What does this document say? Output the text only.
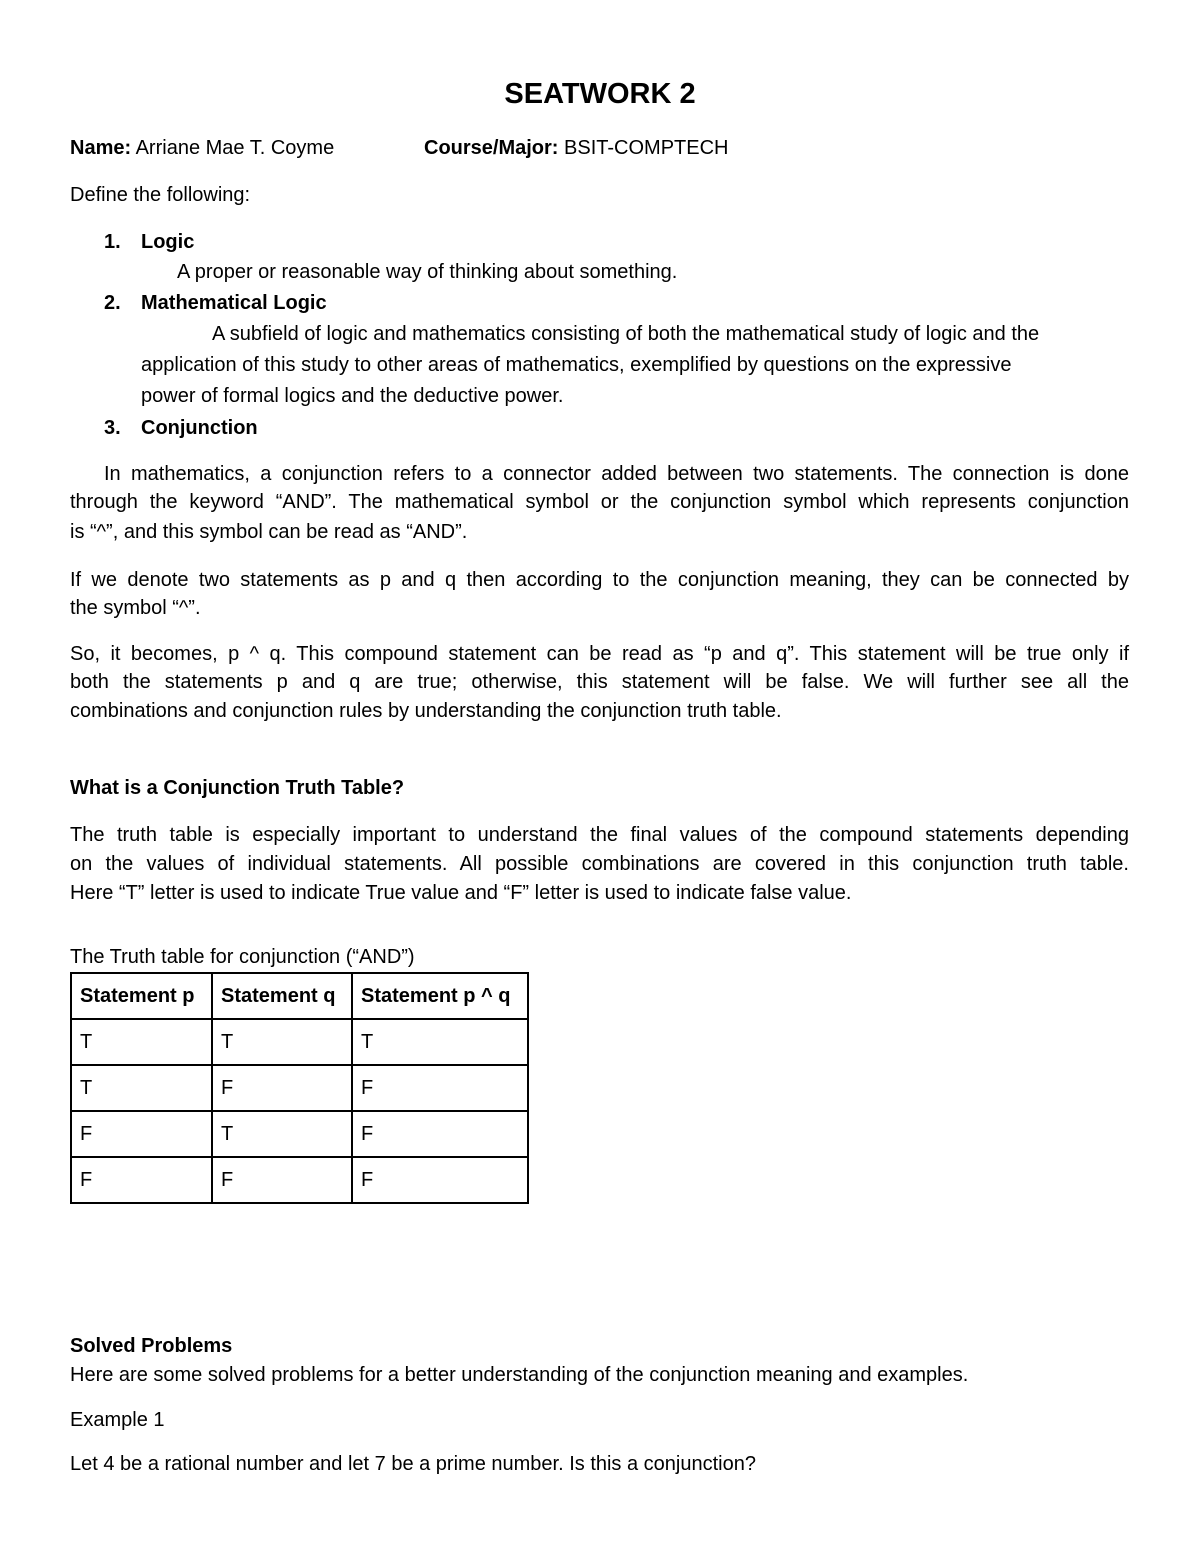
SEATWORK 2
Name: Arriane Mae T. Coyme	Course/Major: BSIT-COMPTECH
Define the following:
1. Logic
A proper or reasonable way of thinking about something.
2. Mathematical Logic
A subfield of logic and mathematics consisting of both the mathematical study of logic and the
application of this study to other areas of mathematics, exemplified by questions on the expressive
power of formal logics and the deductive power.
3. Conjunction
In mathematics, a conjunction refers to a connector added between two statements. The connection is done
through the keyword “AND”. The mathematical symbol or the conjunction symbol which represents conjunction
is “^”, and this symbol can be read as “AND”.
If we denote two statements as p and q then according to the conjunction meaning, they can be connected by
the symbol “^”.
So, it becomes, p ^ q. This compound statement can be read as “p and q”. This statement will be true only if
both the statements p and q are true; otherwise, this statement will be false. We will further see all the
combinations and conjunction rules by understanding the conjunction truth table.
What is a Conjunction Truth Table?
The truth table is especially important to understand the final values of the compound statements depending
on the values of individual statements. All possible combinations are covered in this conjunction truth table.
Here “T” letter is used to indicate True value and “F” letter is used to indicate false value.
The Truth table for conjunction (“AND”)
Statement p	Statement q	Statement p ^ q
T	T	T
T	F	F
F	T	F
F	F	F
Solved Problems
Here are some solved problems for a better understanding of the conjunction meaning and examples.
Example 1
Let 4 be a rational number and let 7 be a prime number. Is this a conjunction?
